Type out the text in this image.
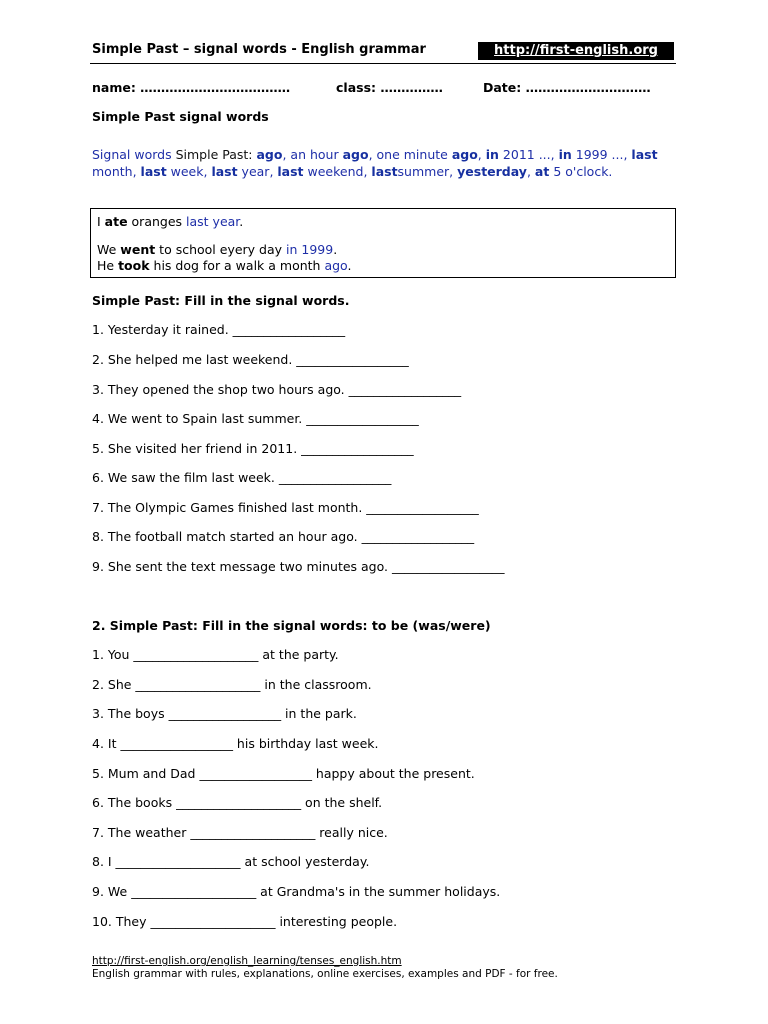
Simple Past – signal words - English grammar	http://first-english.org
name: ………………………………	class: ……………	Date: …………………………
Simple Past signal words
Signal words Simple Past: ago, an hour ago, one minute ago, in 2011 ..., in 1999 ..., last month, last week, last year, last weekend, lastsummer, yesterday, at 5 o'clock.
I ate oranges last year.
We went to school eyery day in 1999.
He took his dog for a walk a month ago.
Simple Past: Fill in the signal words.
1. Yesterday it rained. __________________
2. She helped me last weekend. __________________
3. They opened the shop two hours ago. __________________
4. We went to Spain last summer. __________________
5. She visited her friend in 2011. __________________
6. We saw the film last week. __________________
7. The Olympic Games finished last month. __________________
8. The football match started an hour ago. __________________
9. She sent the text message two minutes ago. __________________
2. Simple Past: Fill in the signal words: to be (was/were)
1. You ____________________ at the party.
2. She ____________________ in the classroom.
3. The boys __________________ in the park.
4. It __________________ his birthday last week.
5. Mum and Dad __________________ happy about the present.
6. The books ____________________ on the shelf.
7. The weather ____________________ really nice.
8. I ____________________ at school yesterday.
9. We ____________________ at Grandma's in the summer holidays.
10. They ____________________ interesting people.
http://first-english.org/english_learning/tenses_english.htm
English grammar with rules, explanations, online exercises, examples and PDF - for free.
